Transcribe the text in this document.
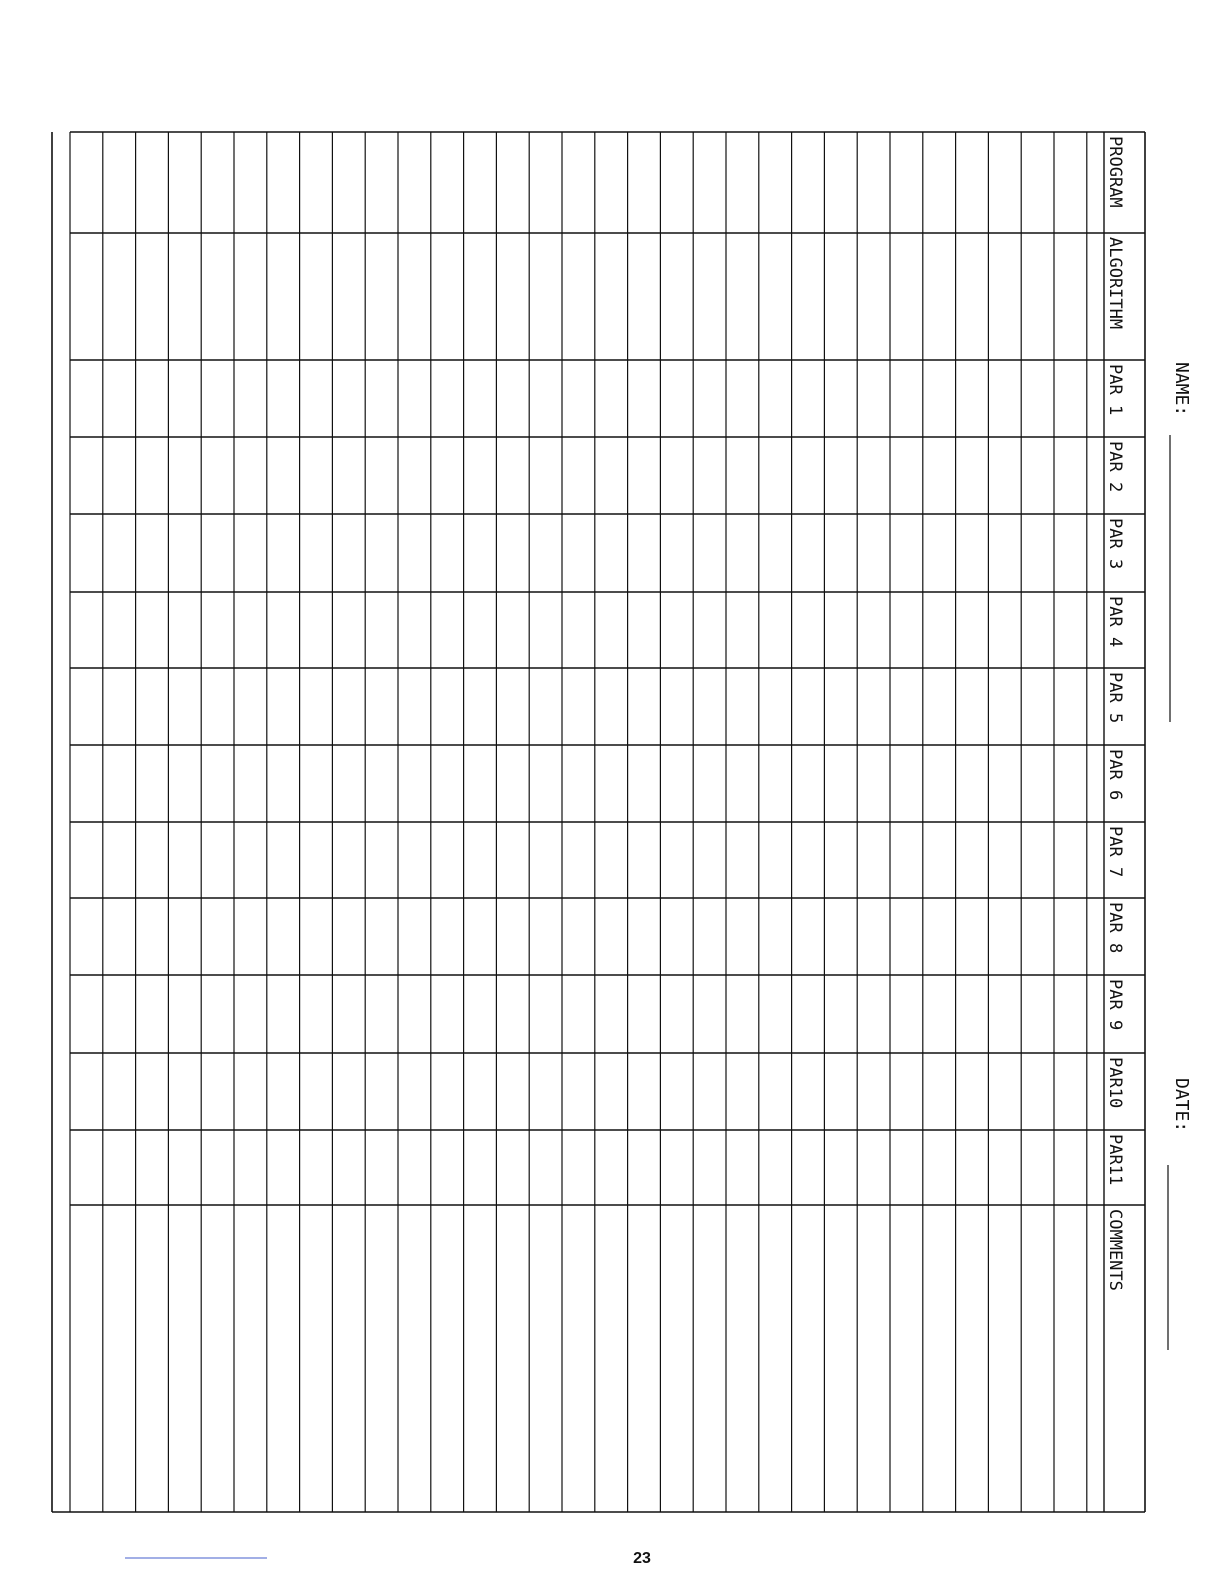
PROGRAM
ALGORITHM
PAR 1
PAR 2
PAR 3
PAR 4
PAR 5
PAR 6
PAR 7
PAR 8
PAR 9
PAR10
PAR11
COMMENTS
NAME:
DATE:
23
